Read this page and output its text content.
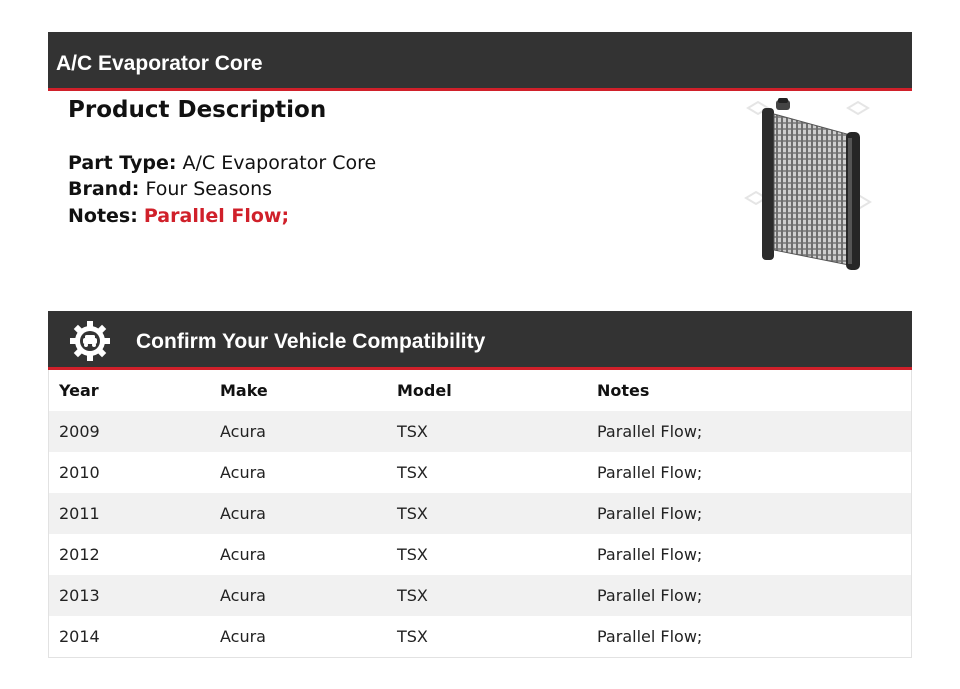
A/C Evaporator Core
Product Description
Part Type: A/C Evaporator Core
Brand: Four Seasons
Notes: Parallel Flow;
Confirm Your Vehicle Compatibility
Year	Make	Model	Notes
2009	Acura	TSX	Parallel Flow;
2010	Acura	TSX	Parallel Flow;
2011	Acura	TSX	Parallel Flow;
2012	Acura	TSX	Parallel Flow;
2013	Acura	TSX	Parallel Flow;
2014	Acura	TSX	Parallel Flow;
